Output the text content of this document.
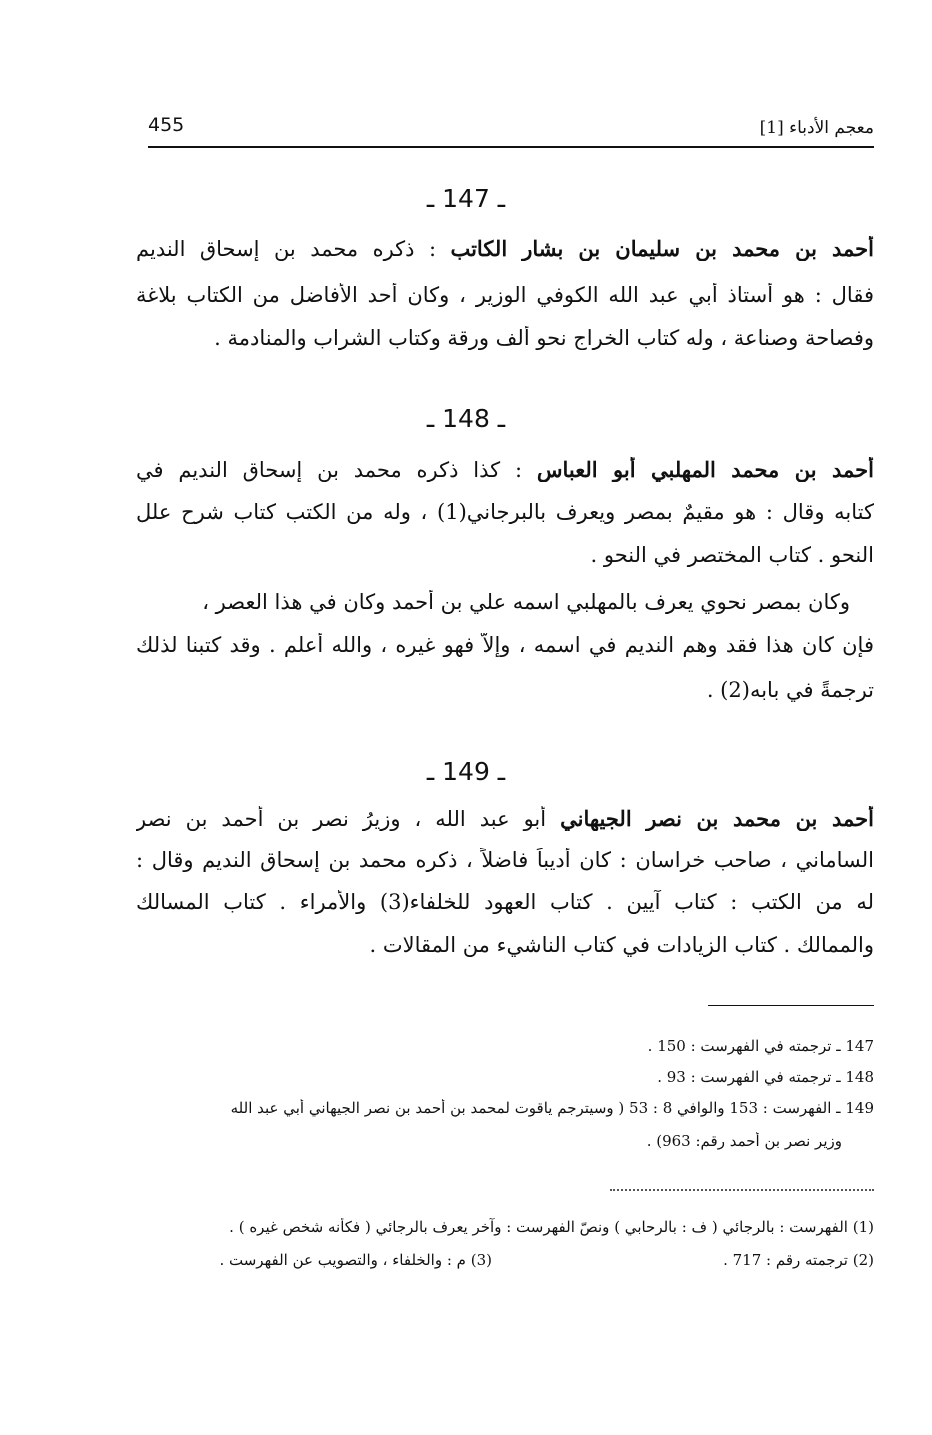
معجم الأدباء [1]
455
ـ 147 ـ
أحمد بن محمد بن سليمان بن بشار الكاتب : ذكره محمد بن إسحاق النديم
فقال : هو أستاذ أبي عبد الله الكوفي الوزير ، وكان أحد الأفاضل من الكتاب بلاغة
وفصاحة وصناعة ، وله كتاب الخراج نحو ألف ورقة وكتاب الشراب والمنادمة .
ـ 148 ـ
أحمد بن محمد المهلبي أبو العباس : كذا ذكره محمد بن إسحاق النديم في
كتابه وقال : هو مقيمٌ بمصر ويعرف بالبرجاني(1) ، وله من الكتب كتاب شرح علل
النحو . كتاب المختصر في النحو .
وكان بمصر نحوي يعرف بالمهلبي اسمه علي بن أحمد وكان في هذا العصر ،
فإن كان هذا فقد وهم النديم في اسمه ، وإلاّ فهو غيره ، والله أعلم . وقد كتبنا لذلك
ترجمةً في بابه(2) .
ـ 149 ـ
أحمد بن محمد بن نصر الجيهاني أبو عبد الله ، وزيرُ نصرِ بن أحمد بن نصر
الساماني ، صاحب خراسان : كان أديباً فاضلاً ، ذكره محمد بن إسحاق النديم وقال :
له من الكتب : كتاب آيين . كتاب العهود للخلفاء(3) والأمراء . كتاب المسالك
والممالك . كتاب الزيادات في كتاب الناشيء من المقالات .
147 ـ ترجمته في الفهرست : 150 .
148 ـ ترجمته في الفهرست : 93 .
149 ـ الفهرست : 153 والوافي 8 : 53 ( وسيترجم ياقوت لمحمد بن أحمد بن نصر الجيهاني أبي عبد الله
وزير نصر بن أحمد رقم: 963) .
(1) الفهرست : بالرجائي ( ف : بالرحابي ) ونصّ الفهرست : وآخر يعرف بالرجائي ( فكأنه شخص غيره ) .
(2) ترجمته رقم : 717 .
(3) م : والخلفاء ، والتصويب عن الفهرست .
